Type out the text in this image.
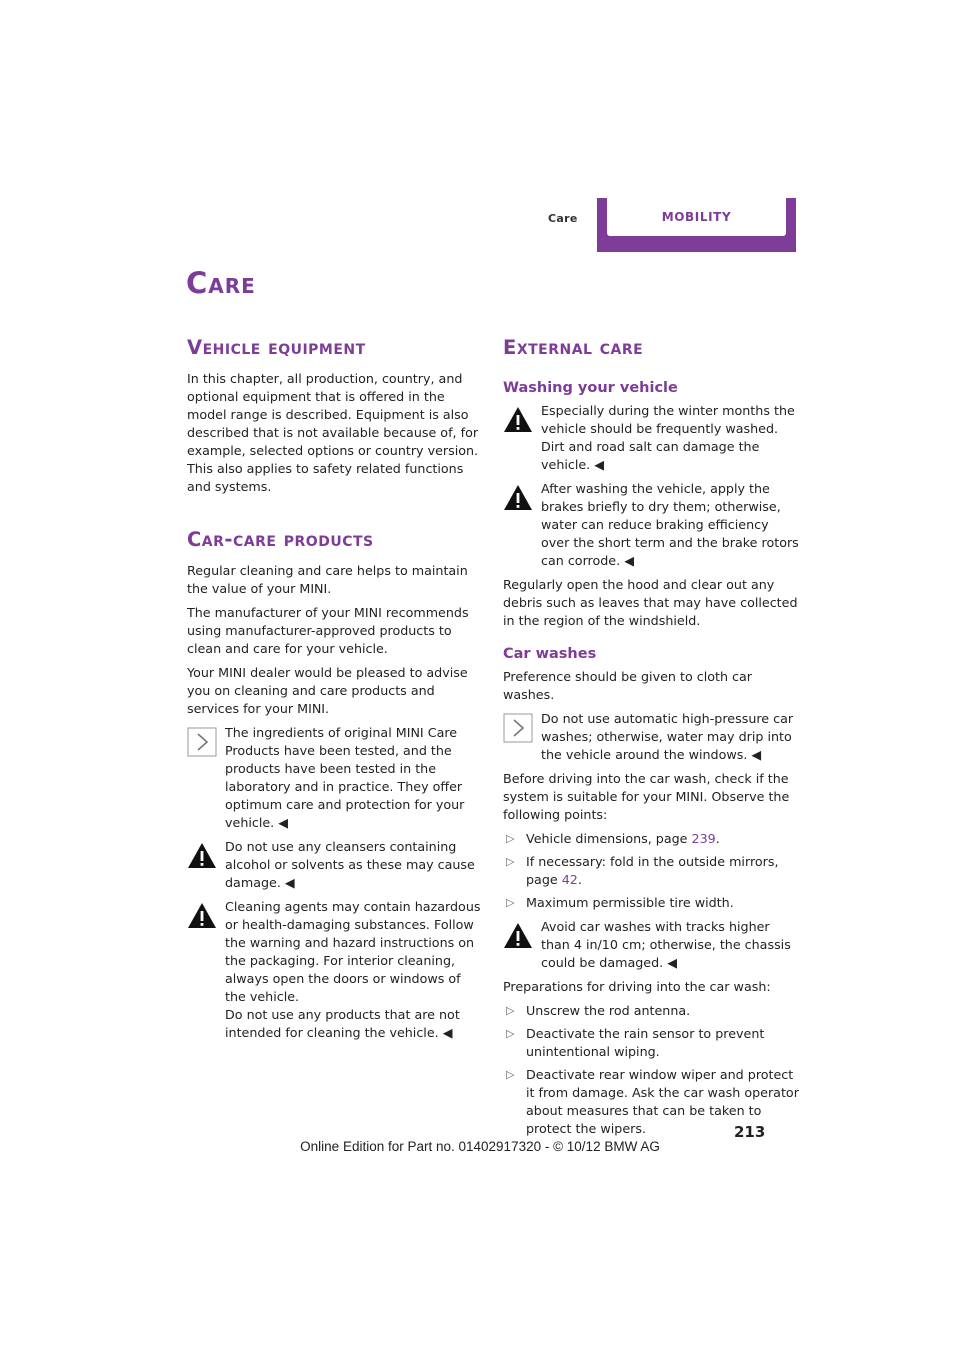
Care	MOBILITY
Care
Vehicle equipment

In this chapter, all production, country, and optional equipment that is offered in the model range is described. Equipment is also described that is not available because of, for example, selected options or country version. This also applies to safety related functions and systems.

Car-care products

Regular cleaning and care helps to maintain the value of your MINI.

The manufacturer of your MINI recommends using manufacturer-approved products to clean and care for your vehicle.

Your MINI dealer would be pleased to advise you on cleaning and care products and services for your MINI.

The ingredients of original MINI Care Products have been tested, and the products have been tested in the laboratory and in practice. They offer optimum care and protection for your vehicle. ◀
Do not use any cleansers containing alcohol or solvents as these may cause damage. ◀
Cleaning agents may contain hazardous or health-damaging substances. Follow the warning and hazard instructions on the packaging. For interior cleaning, always open the doors or windows of the vehicle.
Do not use any products that are not intended for cleaning the vehicle. ◀
External care
Washing your vehicle
Especially during the winter months the vehicle should be frequently washed. Dirt and road salt can damage the vehicle. ◀
After washing the vehicle, apply the brakes briefly to dry them; otherwise, water can reduce braking efficiency over the short term and the brake rotors can corrode. ◀

Regularly open the hood and clear out any debris such as leaves that may have collected in the region of the windshield.

Car washes

Preference should be given to cloth car washes.

Do not use automatic high-pressure car washes; otherwise, water may drip into the vehicle around the windows. ◀

Before driving into the car wash, check if the system is suitable for your MINI. Observe the following points:

▷ Vehicle dimensions, page 239.
▷ If necessary: fold in the outside mirrors, page 42.
▷ Maximum permissible tire width.
Avoid car washes with tracks higher than 4 in/10 cm; otherwise, the chassis could be damaged. ◀

Preparations for driving into the car wash:

▷ Unscrew the rod antenna.
▷ Deactivate the rain sensor to prevent unintentional wiping.
▷ Deactivate rear window wiper and protect it from damage. Ask the car wash operator about measures that can be taken to protect the wipers.	213
Online Edition for Part no. 01402917320 - © 10/12 BMW AG
